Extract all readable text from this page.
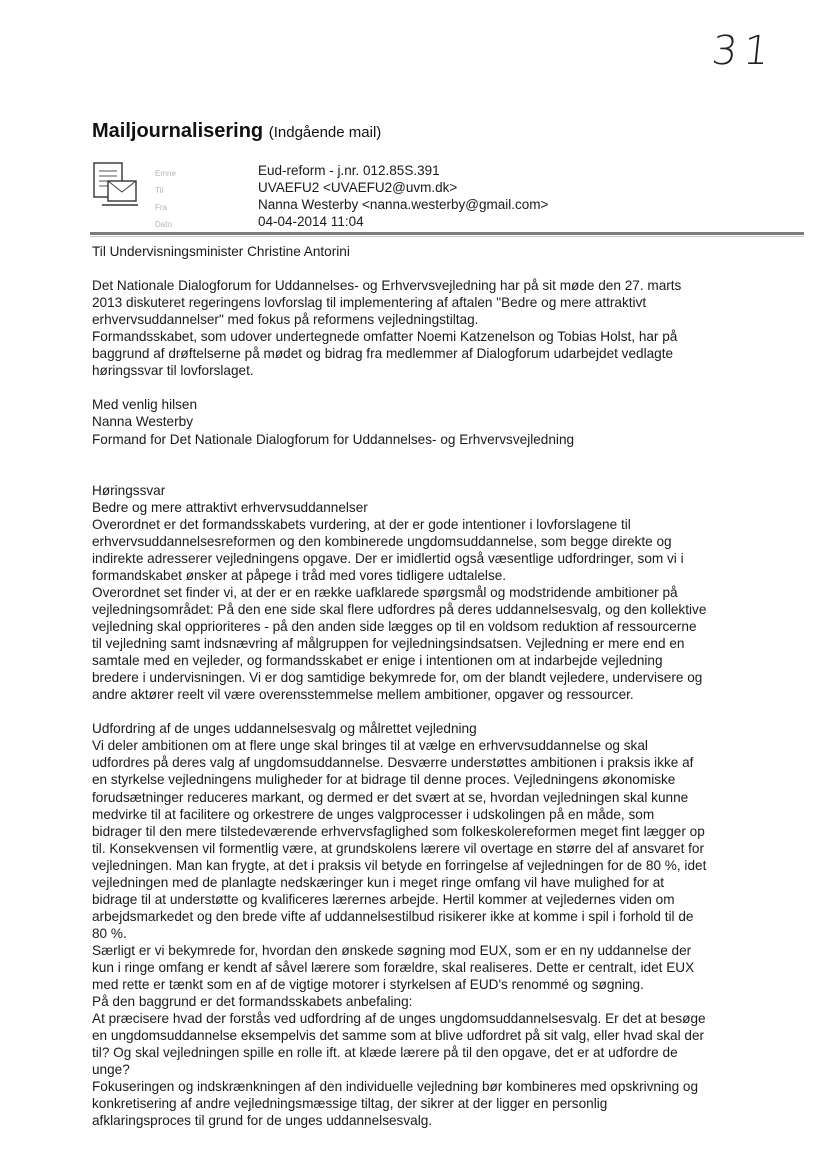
31
Mailjournalisering (Indgående mail)
Emne
Til
Fra
Dato
Eud-reform - j.nr. 012.85S.391
UVAEFU2 <UVAEFU2@uvm.dk>
Nanna Westerby <nanna.westerby@gmail.com>
04-04-2014 11:04
Til Undervisningsminister Christine Antorini
Det Nationale Dialogforum for Uddannelses- og Erhvervsvejledning har på sit møde den 27. marts
2013 diskuteret regeringens lovforslag til implementering af aftalen "Bedre og mere attraktivt
erhvervsuddannelser" med fokus på reformens vejledningstiltag.
Formandsskabet, som udover undertegnede omfatter Noemi Katzenelson og Tobias Holst, har på
baggrund af drøftelserne på mødet og bidrag fra medlemmer af Dialogforum udarbejdet vedlagte
høringssvar til lovforslaget.
Med venlig hilsen
Nanna Westerby
Formand for Det Nationale Dialogforum for Uddannelses- og Erhvervsvejledning
Høringssvar
Bedre og mere attraktivt erhvervsuddannelser
Overordnet er det formandsskabets vurdering, at der er gode intentioner i lovforslagene til
erhvervsuddannelsesreformen og den kombinerede ungdomsuddannelse, som begge direkte og
indirekte adresserer vejledningens opgave. Der er imidlertid også væsentlige udfordringer, som vi i
formandskabet ønsker at påpege i tråd med vores tidligere udtalelse.
Overordnet set finder vi, at der er en række uafklarede spørgsmål og modstridende ambitioner på
vejledningsområdet: På den ene side skal flere udfordres på deres uddannelsesvalg, og den kollektive
vejledning skal opprioriteres - på den anden side lægges op til en voldsom reduktion af ressourcerne
til vejledning samt indsnævring af målgruppen for vejledningsindsatsen. Vejledning er mere end en
samtale med en vejleder, og formandsskabet er enige i intentionen om at indarbejde vejledning
bredere i undervisningen. Vi er dog samtidige bekymrede for, om der blandt vejledere, undervisere og
andre aktører reelt vil være overensstemmelse mellem ambitioner, opgaver og ressourcer.
Udfordring af de unges uddannelsesvalg og målrettet vejledning
Vi deler ambitionen om at flere unge skal bringes til at vælge en erhvervsuddannelse og skal
udfordres på deres valg af ungdomsuddannelse. Desværre understøttes ambitionen i praksis ikke af
en styrkelse vejledningens muligheder for at bidrage til denne proces. Vejledningens økonomiske
forudsætninger reduceres markant, og dermed er det svært at se, hvordan vejledningen skal kunne
medvirke til at facilitere og orkestrere de unges valgprocesser i udskolingen på en måde, som
bidrager til den mere tilstedeværende erhvervsfaglighed som folkeskolereformen meget fint lægger op
til. Konsekvensen vil formentlig være, at grundskolens lærere vil overtage en større del af ansvaret for
vejledningen. Man kan frygte, at det i praksis vil betyde en forringelse af vejledningen for de 80 %, idet
vejledningen med de planlagte nedskæringer kun i meget ringe omfang vil have mulighed for at
bidrage til at understøtte og kvalificeres lærernes arbejde. Hertil kommer at vejledernes viden om
arbejdsmarkedet og den brede vifte af uddannelsestilbud risikerer ikke at komme i spil i forhold til de
80 %.
Særligt er vi bekymrede for, hvordan den ønskede søgning mod EUX, som er en ny uddannelse der
kun i ringe omfang er kendt af såvel lærere som forældre, skal realiseres. Dette er centralt, idet EUX
med rette er tænkt som en af de vigtige motorer i styrkelsen af EUD's renommé og søgning.
På den baggrund er det formandsskabets anbefaling:
At præcisere hvad der forstås ved udfordring af de unges ungdomsuddannelsesvalg. Er det at besøge
en ungdomsuddannelse eksempelvis det samme som at blive udfordret på sit valg, eller hvad skal der
til? Og skal vejledningen spille en rolle ift. at klæde lærere på til den opgave, det er at udfordre de
unge?
Fokuseringen og indskrænkningen af den individuelle vejledning bør kombineres med opskrivning og
konkretisering af andre vejledningsmæssige tiltag, der sikrer at der ligger en personlig
afklaringsproces til grund for de unges uddannelsesvalg.
